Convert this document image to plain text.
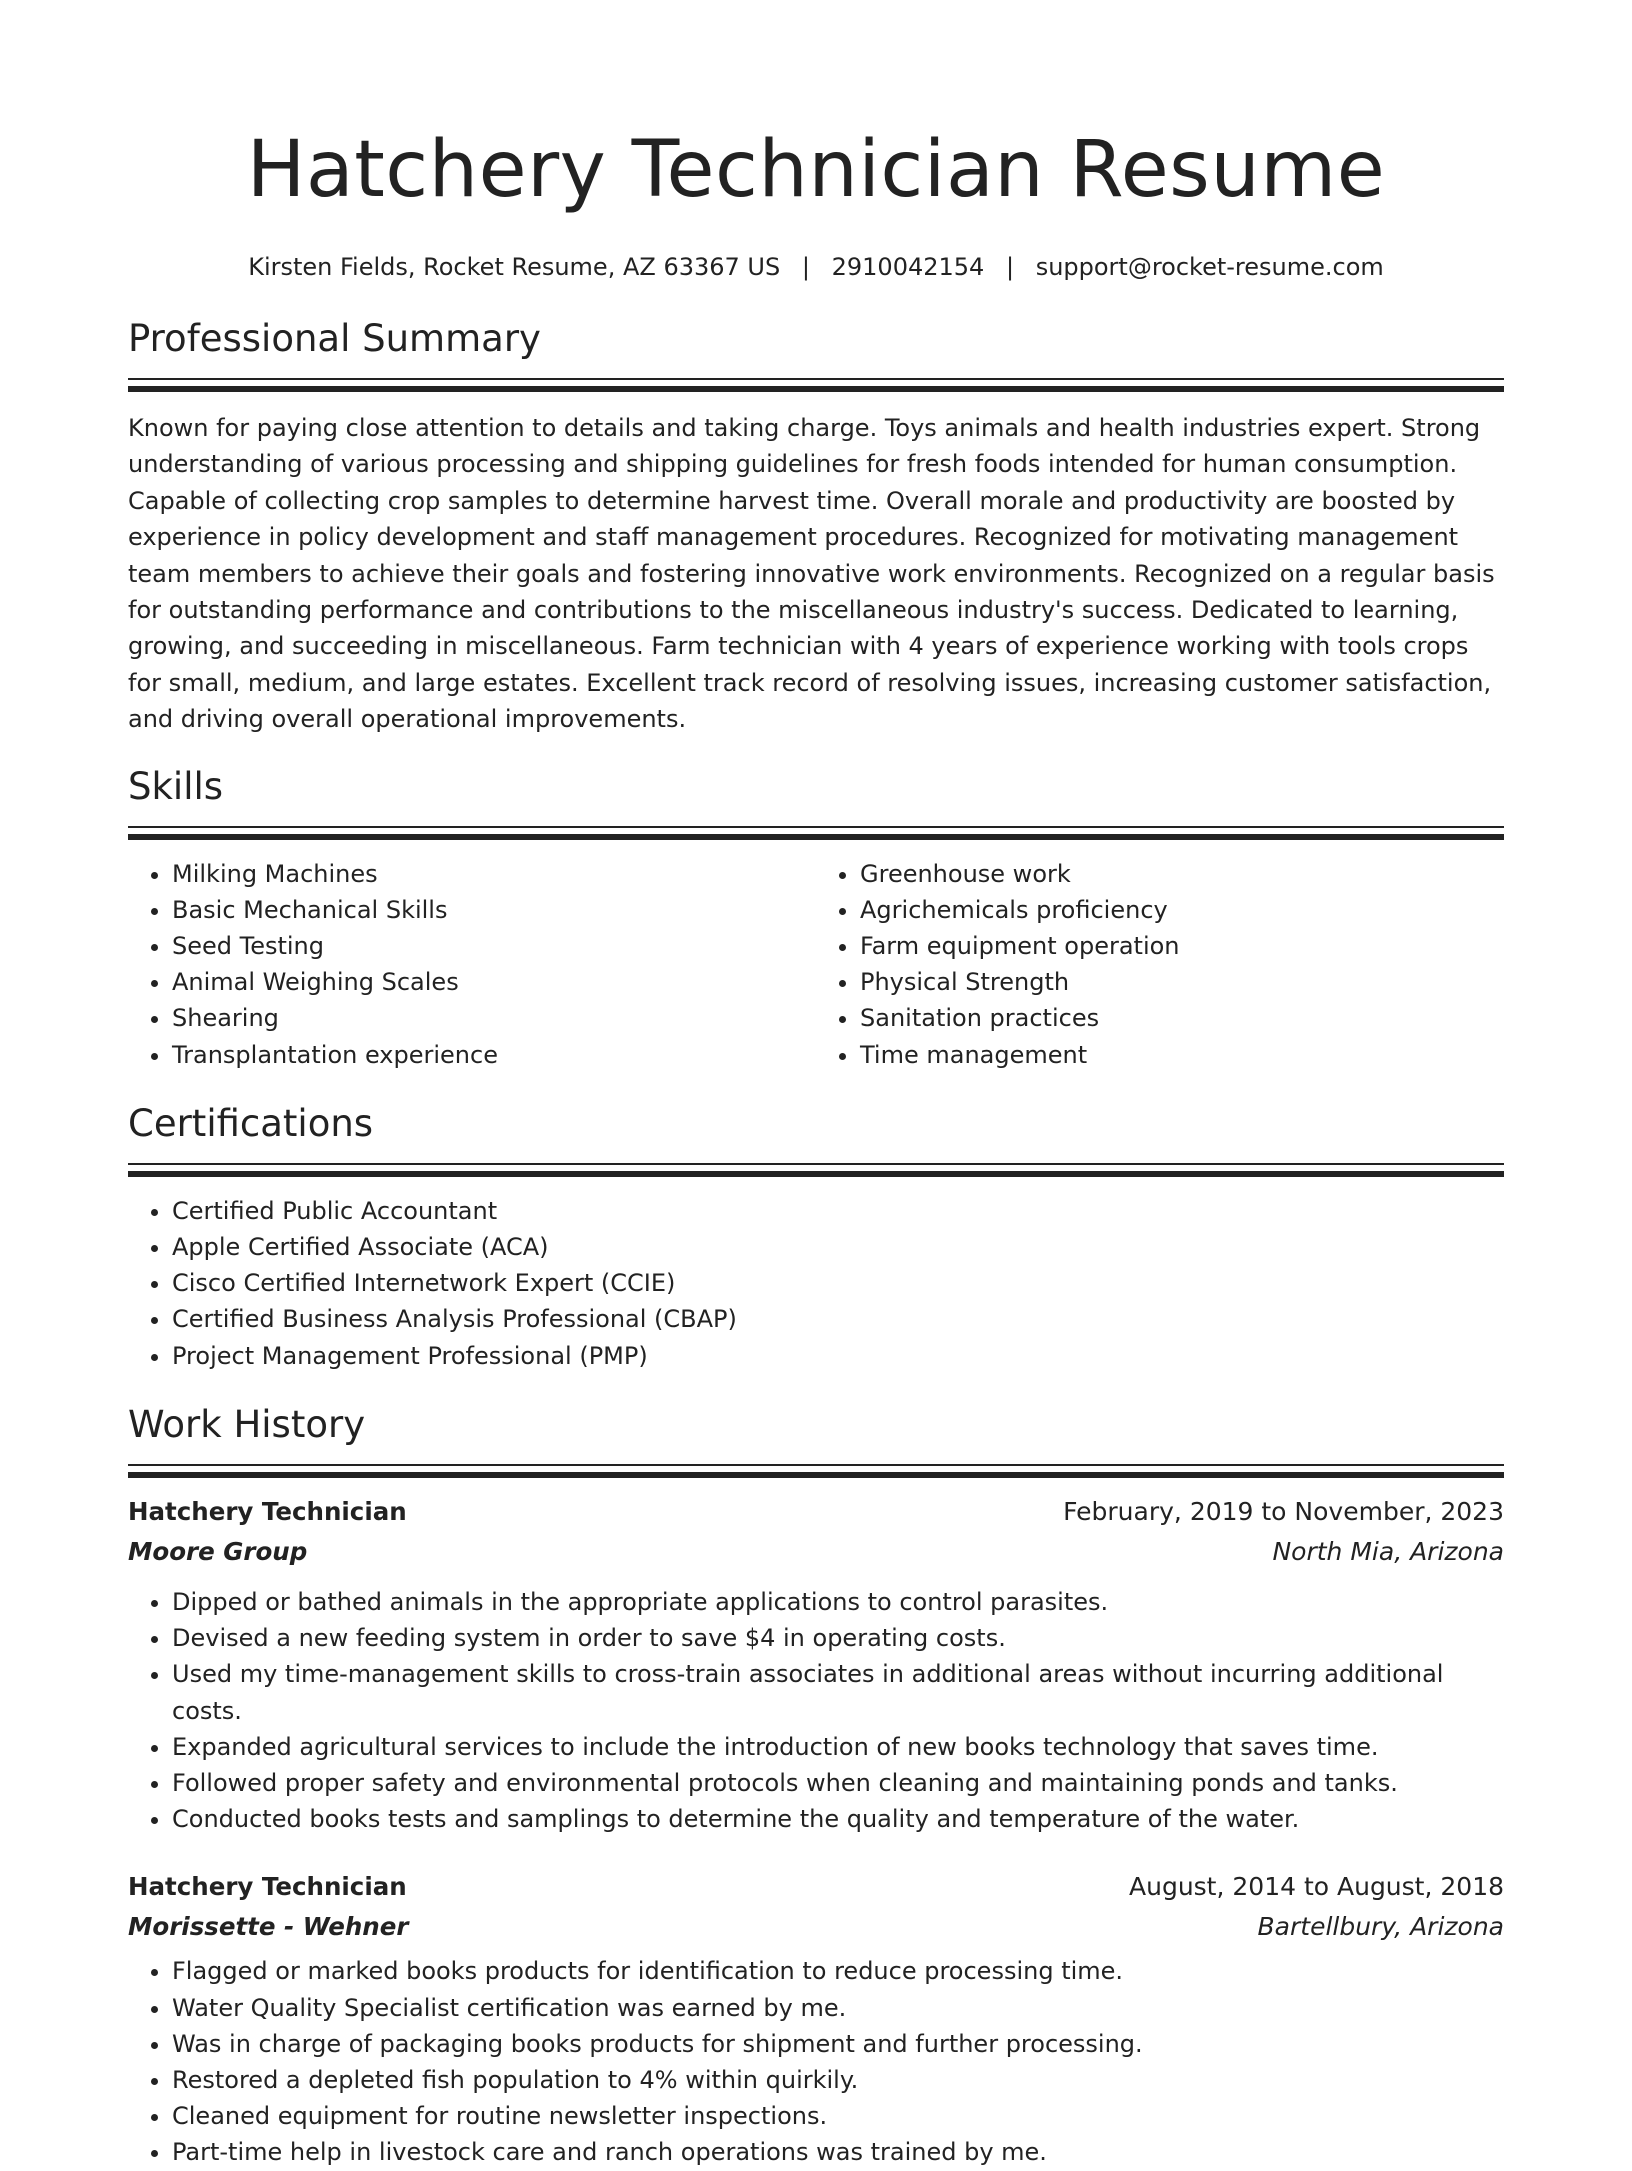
Hatchery Technician Resume
Kirsten Fields, Rocket Resume, AZ 63367 US | 2910042154 | support@rocket-resume.com
Professional Summary

Known for paying close attention to details and taking charge. Toys animals and health industries expert. Strong understanding of various processing and shipping guidelines for fresh foods intended for human consumption. Capable of collecting crop samples to determine harvest time. Overall morale and productivity are boosted by experience in policy development and staff management procedures. Recognized for motivating management team members to achieve their goals and fostering innovative work environments. Recognized on a regular basis for outstanding performance and contributions to the miscellaneous industry's success. Dedicated to learning, growing, and succeeding in miscellaneous. Farm technician with 4 years of experience working with tools crops for small, medium, and large estates. Excellent track record of resolving issues, increasing customer satisfaction, and driving overall operational improvements.

Skills
• Milking Machines
• Basic Mechanical Skills
• Seed Testing
• Animal Weighing Scales
• Shearing
• Transplantation experience
• Greenhouse work
• Agrichemicals proficiency
• Farm equipment operation
• Physical Strength
• Sanitation practices
• Time management
Certifications
• Certified Public Accountant
• Apple Certified Associate (ACA)
• Cisco Certified Internetwork Expert (CCIE)
• Certified Business Analysis Professional (CBAP)
• Project Management Professional (PMP)
Work History
Hatchery Technician	February, 2019 to November, 2023
Moore Group	North Mia, Arizona
• Dipped or bathed animals in the appropriate applications to control parasites.
• Devised a new feeding system in order to save $4 in operating costs.
• Used my time-management skills to cross-train associates in additional areas without incurring additional costs.
• Expanded agricultural services to include the introduction of new books technology that saves time.
• Followed proper safety and environmental protocols when cleaning and maintaining ponds and tanks.
• Conducted books tests and samplings to determine the quality and temperature of the water.
Hatchery Technician	August, 2014 to August, 2018
Morissette - Wehner	Bartellbury, Arizona
• Flagged or marked books products for identification to reduce processing time.
• Water Quality Specialist certification was earned by me.
• Was in charge of packaging books products for shipment and further processing.
• Restored a depleted fish population to 4% within quirkily.
• Cleaned equipment for routine newsletter inspections.
• Part-time help in livestock care and ranch operations was trained by me.
